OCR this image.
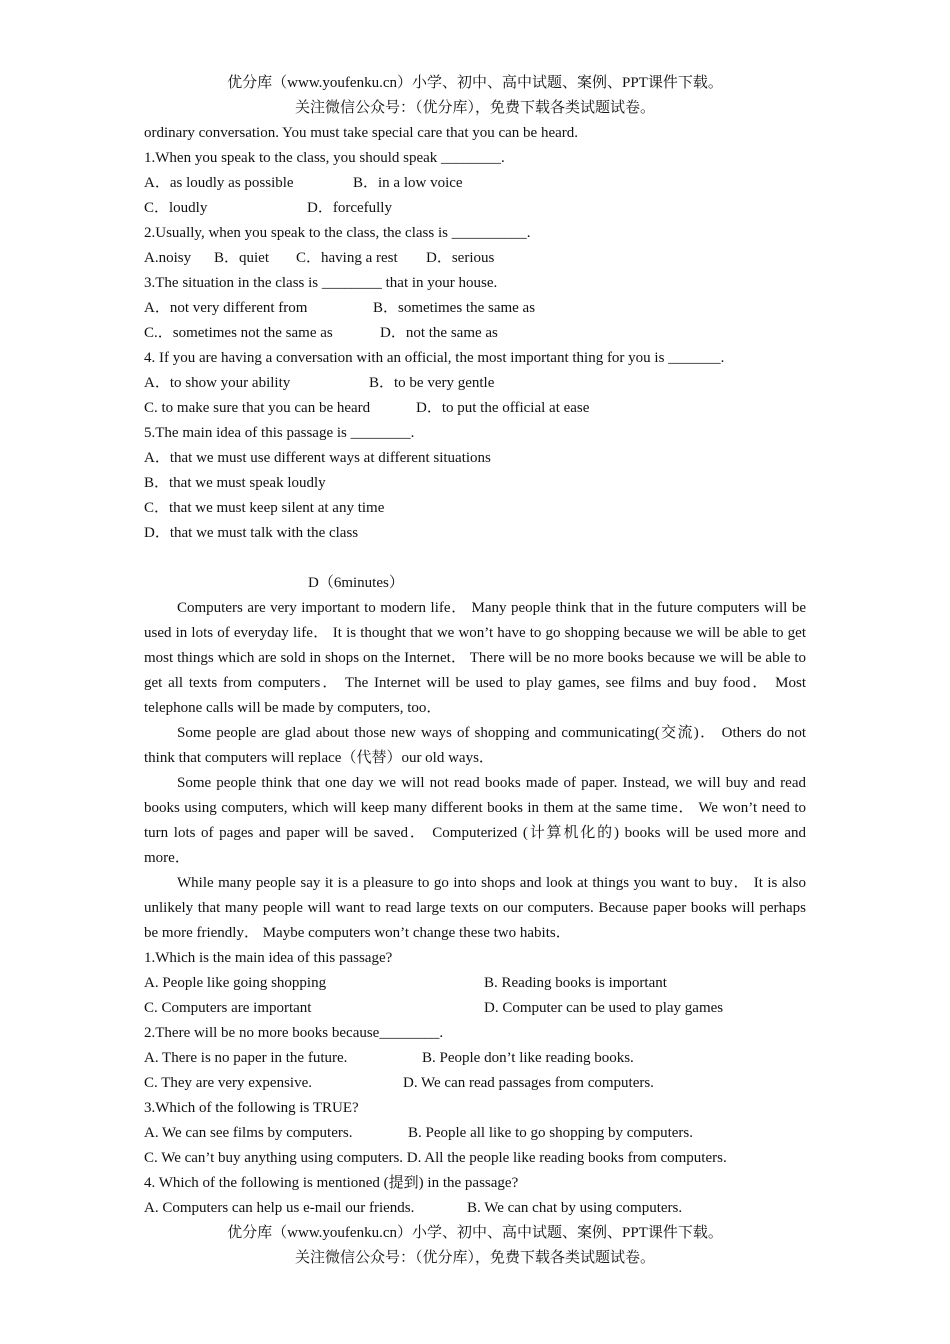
优分库（www.youfenku.cn）小学、初中、高中试题、案例、PPT课件下载。
关注微信公众号：（优分库），免费下载各类试题试卷。
ordinary conversation. You must take special care that you can be heard.
1.When you speak to the class, you should speak ________.
A．as loudly as possible	B．in a low voice
C．loudly	D．forcefully
2.Usually, when you speak to the class, the class is __________.
A.noisy B．quiet C．having a rest D．serious
3.The situation in the class is ________ that in your house.
A．not very different from	B．sometimes the same as
C.．sometimes not the same as	D．not the same as
4. If you are having a conversation with an official, the most important thing for you is _______.
A．to show your ability	B．to be very gentle
C. to make sure that you can be heard	D．to put the official at ease
5.The main idea of this passage is ________.
A．that we must use different ways at different situations
B．that we must speak loudly
C．that we must keep silent at any time
D．that we must talk with the class
D（6minutes）

Computers are very important to modern life． Many people think that in the future computers will be used in lots of everyday life． It is thought that we won’t have to go shopping because we will be able to get most things which are sold in shops on the Internet． There will be no more books because we will be able to get all texts from computers． The Internet will be used to play games, see films and buy food． Most telephone calls will be made by computers, too．

Some people are glad about those new ways of shopping and communicating(交流)． Others do not think that computers will replace（代替）our old ways．

Some people think that one day we will not read books made of paper. Instead, we will buy and read books using computers, which will keep many different books in them at the same time． We won’t need to turn lots of pages and paper will be saved． Computerized (计算机化的) books will be used more and more．

While many people say it is a pleasure to go into shops and look at things you want to buy． It is also unlikely that many people will want to read large texts on our computers. Because paper books will perhaps be more friendly． Maybe computers won’t change these two habits．

1.Which is the main idea of this passage?
A. People like going shopping	B. Reading books is important
C. Computers are important	D. Computer can be used to play games
2.There will be no more books because________.
A. There is no paper in the future.	B. People don’t like reading books.
C. They are very expensive.	D. We can read passages from computers.
3.Which of the following is TRUE?
A. We can see films by computers.	B. People all like to go shopping by computers.
C. We can’t buy anything using computers. D. All the people like reading books from computers.
4. Which of the following is mentioned (提到) in the passage?
A. Computers can help us e-mail our friends.	B. We can chat by using computers.
优分库（www.youfenku.cn）小学、初中、高中试题、案例、PPT课件下载。
关注微信公众号：（优分库），免费下载各类试题试卷。
